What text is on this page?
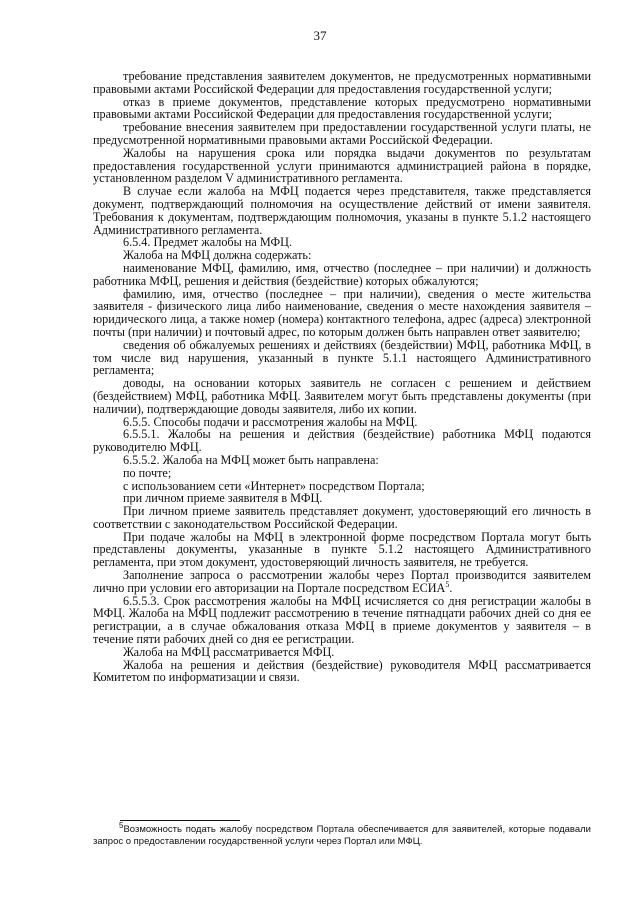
37

требование представления заявителем документов, не предусмотренных нормативными правовыми актами Российской Федерации для предоставления государственной услуги;

отказ в приеме документов, представление которых предусмотрено нормативными правовыми актами Российской Федерации для предоставления государственной услуги;

требование внесения заявителем при предоставлении государственной услуги платы, не предусмотренной нормативными правовыми актами Российской Федерации.

Жалобы на нарушения срока или порядка выдачи документов по результатам предоставления государственной услуги принимаются администрацией района в порядке, установленном разделом V административного регламента.

В случае если жалоба на МФЦ подается через представителя, также представляется документ, подтверждающий полномочия на осуществление действий от имени заявителя. Требования к документам, подтверждающим полномочия, указаны в пункте 5.1.2 настоящего Административного регламента.

6.5.4. Предмет жалобы на МФЦ.

Жалоба на МФЦ должна содержать:

наименование МФЦ, фамилию, имя, отчество (последнее – при наличии) и должность работника МФЦ, решения и действия (бездействие) которых обжалуются;

фамилию, имя, отчество (последнее – при наличии), сведения о месте жительства заявителя - физического лица либо наименование, сведения о месте нахождения заявителя – юридического лица, а также номер (номера) контактного телефона, адрес (адреса) электронной почты (при наличии) и почтовый адрес, по которым должен быть направлен ответ заявителю;

сведения об обжалуемых решениях и действиях (бездействии) МФЦ, работника МФЦ, в том числе вид нарушения, указанный в пункте 5.1.1 настоящего Административного регламента;

доводы, на основании которых заявитель не согласен с решением и действием (бездействием) МФЦ, работника МФЦ. Заявителем могут быть представлены документы (при наличии), подтверждающие доводы заявителя, либо их копии.

6.5.5. Способы подачи и рассмотрения жалобы на МФЦ.

6.5.5.1. Жалобы на решения и действия (бездействие) работника МФЦ подаются руководителю МФЦ.

6.5.5.2. Жалоба на МФЦ может быть направлена:

по почте;

с использованием сети «Интернет» посредством Портала;

при личном приеме заявителя в МФЦ.

При личном приеме заявитель представляет документ, удостоверяющий его личность в соответствии с законодательством Российской Федерации.

При подаче жалобы на МФЦ в электронной форме посредством Портала могут быть представлены документы, указанные в пункте 5.1.2 настоящего Административного регламента, при этом документ, удостоверяющий личность заявителя, не требуется.

Заполнение запроса о рассмотрении жалобы через Портал производится заявителем лично при условии его авторизации на Портале посредством ЕСИА$^5$.

6.5.5.3. Срок рассмотрения жалобы на МФЦ исчисляется со дня регистрации жалобы в МФЦ. Жалоба на МФЦ подлежит рассмотрению в течение пятнадцати рабочих дней со дня ее регистрации, а в случае обжалования отказа МФЦ в приеме документов у заявителя – в течение пяти рабочих дней со дня ее регистрации.

Жалоба на МФЦ рассматривается МФЦ.

Жалоба на решения и действия (бездействие) руководителя МФЦ рассматривается Комитетом по информатизации и связи.

$^5$Возможность подать жалобу посредством Портала обеспечивается для заявителей, которые подавали запрос о предоставлении государственной услуги через Портал или МФЦ.
